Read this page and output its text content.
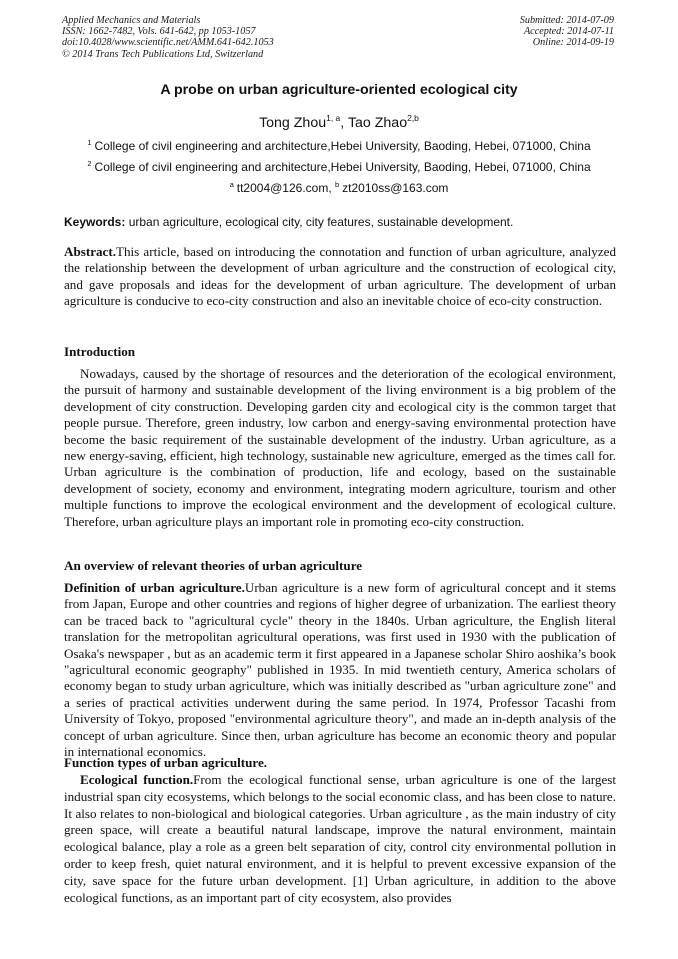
Applied Mechanics and Materials
ISSN: 1662-7482, Vols. 641-642, pp 1053-1057
doi:10.4028/www.scientific.net/AMM.641-642.1053
© 2014 Trans Tech Publications Ltd, Switzerland
Submitted: 2014-07-09
Accepted: 2014-07-11
Online: 2014-09-19
A probe on urban agriculture-oriented ecological city
Tong Zhou$^{1, a}$, Tao Zhao$^{2,b}$
$^1$ College of civil engineering and architecture,Hebei University, Baoding, Hebei, 071000, China
$^2$ College of civil engineering and architecture,Hebei University, Baoding, Hebei, 071000, China
$^a$ tt2004@126.com, $^b$ zt2010ss@163.com
Keywords: urban agriculture, ecological city, city features, sustainable development.
Abstract.This article, based on introducing the connotation and function of urban agriculture, analyzed the relationship between the development of urban agriculture and the construction of ecological city, and gave proposals and ideas for the development of urban agriculture. The development of urban agriculture is conducive to eco-city construction and also an inevitable choice of eco-city construction.
Introduction
Nowadays, caused by the shortage of resources and the deterioration of the ecological environment, the pursuit of harmony and sustainable development of the living environment is a big problem of the development of city construction. Developing garden city and ecological city is the common target that people pursue. Therefore, green industry, low carbon and energy-saving environmental protection have become the basic requirement of the sustainable development of the industry. Urban agriculture, as a new energy-saving, efficient, high technology, sustainable new agriculture, emerged as the times call for. Urban agriculture is the combination of production, life and ecology, based on the sustainable development of society, economy and environment, integrating modern agriculture, tourism and other multiple functions to improve the ecological environment and the development of ecological culture. Therefore, urban agriculture plays an important role in promoting eco-city construction.
An overview of relevant theories of urban agriculture
Definition of urban agriculture.Urban agriculture is a new form of agricultural concept and it stems from Japan, Europe and other countries and regions of higher degree of urbanization. The earliest theory can be traced back to "agricultural cycle" theory in the 1840s. Urban agriculture, the English literal translation for the metropolitan agricultural operations, was first used in 1930 with the publication of Osaka's newspaper , but as an academic term it first appeared in a Japanese scholar Shiro aoshika’s book "agricultural economic geography" published in 1935. In mid twentieth century, America scholars of economy began to study urban agriculture, which was initially described as "urban agriculture zone" and a series of practical activities underwent during the same period. In 1974, Professor Tacashi from University of Tokyo, proposed "environmental agriculture theory", and made an in-depth analysis of the concept of urban agriculture. Since then, urban agriculture has become an economic theory and popular in international economics.
Function types of urban agriculture.
Ecological function.From the ecological functional sense, urban agriculture is one of the largest industrial span city ecosystems, which belongs to the social economic class, and has been close to nature. It also relates to non-biological and biological categories. Urban agriculture , as the main industry of city green space, will create a beautiful natural landscape, improve the natural environment, maintain ecological balance, play a role as a green belt separation of city, control city environmental pollution in order to keep fresh, quiet natural environment, and it is helpful to prevent excessive expansion of the city, save space for the future urban development. [1] Urban agriculture, in addition to the above ecological functions, as an important part of city ecosystem, also provides
